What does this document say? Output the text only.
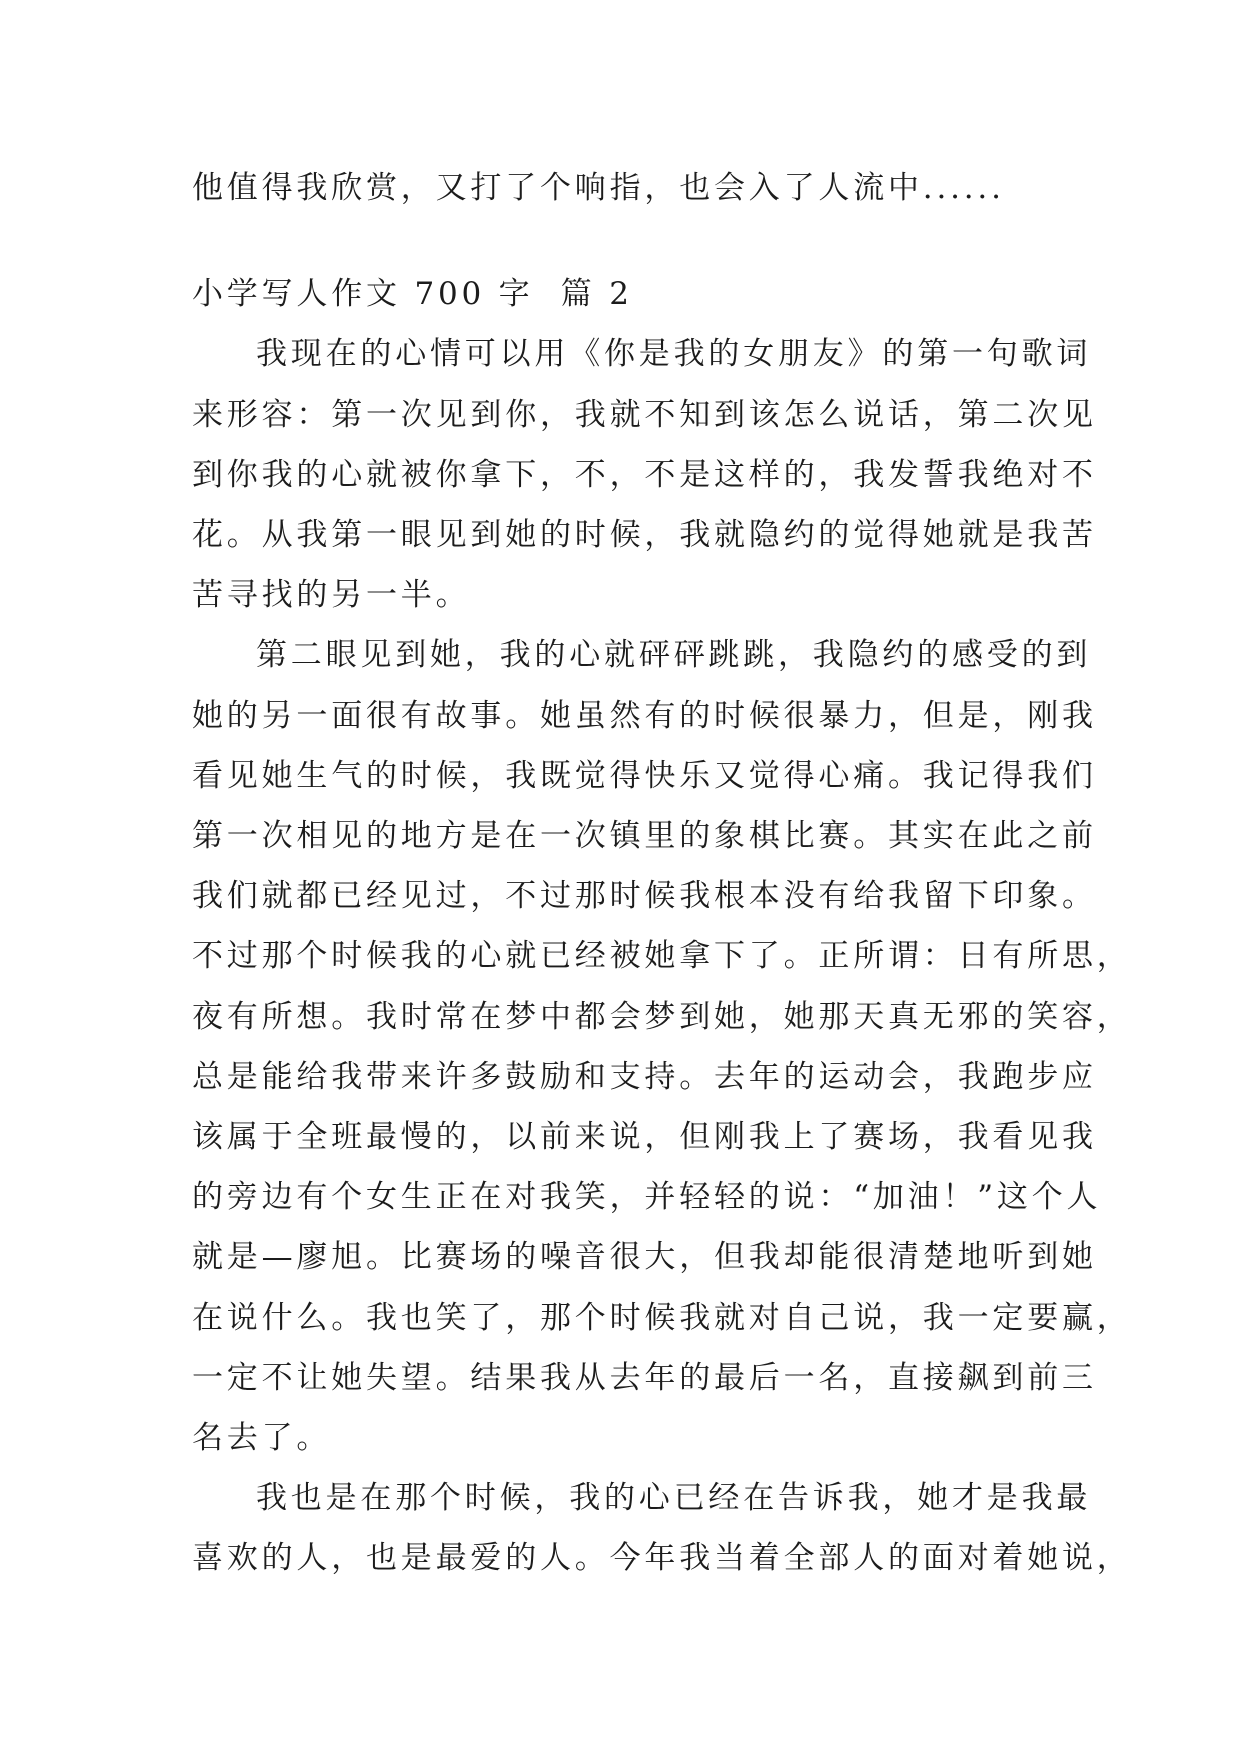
他值得我欣赏，又打了个响指，也会入了人流中......
小学写人作文 700 字  篇 2
我现在的心情可以用《你是我的女朋友》的第一句歌词
来形容：第一次见到你，我就不知到该怎么说话，第二次见
到你我的心就被你拿下，不，不是这样的，我发誓我绝对不
花。从我第一眼见到她的时候，我就隐约的觉得她就是我苦
苦寻找的另一半。
第二眼见到她，我的心就砰砰跳跳，我隐约的感受的到
她的另一面很有故事。她虽然有的时候很暴力，但是，刚我
看见她生气的时候，我既觉得快乐又觉得心痛。我记得我们
第一次相见的地方是在一次镇里的象棋比赛。其实在此之前
我们就都已经见过，不过那时候我根本没有给我留下印象。
不过那个时候我的心就已经被她拿下了。正所谓：日有所思，
夜有所想。我时常在梦中都会梦到她，她那天真无邪的笑容，
总是能给我带来许多鼓励和支持。去年的运动会，我跑步应
该属于全班最慢的，以前来说，但刚我上了赛场，我看见我
的旁边有个女生正在对我笑，并轻轻的说：“加油！”这个人
就是—廖旭。比赛场的噪音很大，但我却能很清楚地听到她
在说什么。我也笑了，那个时候我就对自己说，我一定要赢，
一定不让她失望。结果我从去年的最后一名，直接飙到前三
名去了。
我也是在那个时候，我的心已经在告诉我，她才是我最
喜欢的人，也是最爱的人。今年我当着全部人的面对着她说，
